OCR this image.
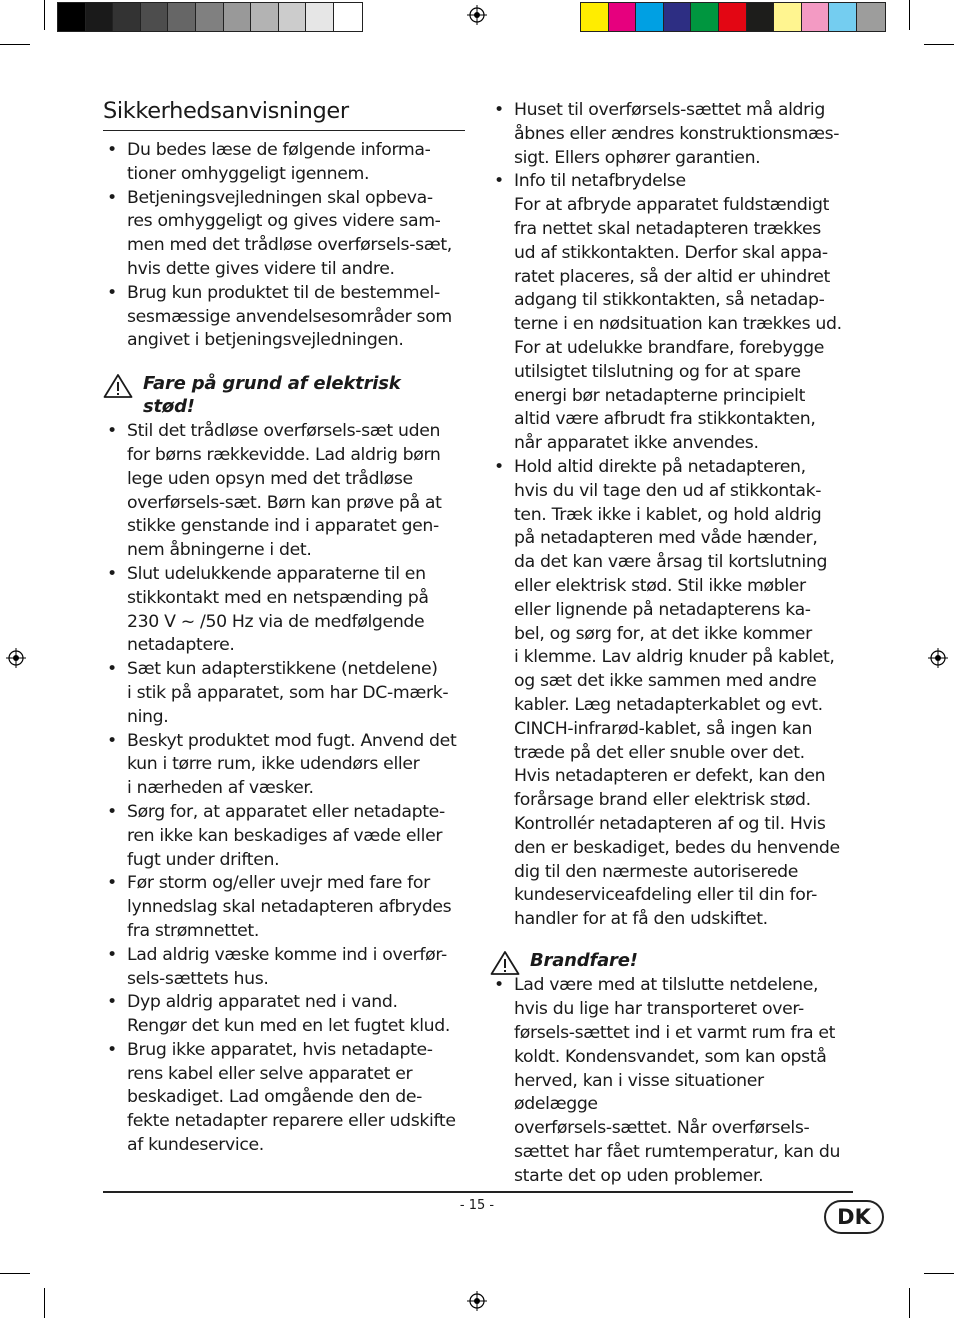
Sikkerhedsanvisninger
• Du bedes læse de følgende informa-
tioner omhyggeligt igennem.
• Betjeningsvejledningen skal opbeva-
res omhyggeligt og gives videre sam-
men med det trådløse overførsels-sæt,
hvis dette gives videre til andre.
• Brug kun produktet til de bestemmel-
sesmæssige anvendelsesområder som
angivet i betjeningsvejledningen.
Fare på grund af elektrisk
stød!
• Stil det trådløse overførsels-sæt uden
for børns rækkevidde. Lad aldrig børn
lege uden opsyn med det trådløse
overførsels-sæt. Børn kan prøve på at
stikke genstande ind i apparatet gen-
nem åbningerne i det.
• Slut udelukkende apparaterne til en
stikkontakt med en netspænding på
230 V ~ /50 Hz via de medfølgende
netadaptere.
• Sæt kun adapterstikkene (netdelene)
i stik på apparatet, som har DC-mærk-
ning.
• Beskyt produktet mod fugt. Anvend det
kun i tørre rum, ikke udendørs eller
i nærheden af væsker.
• Sørg for, at apparatet eller netadapte-
ren ikke kan beskadiges af væde eller
fugt under driften.
• Før storm og/eller uvejr med fare for
lynnedslag skal netadapteren afbrydes
fra strømnettet.
• Lad aldrig væske komme ind i overfør-
sels-sættets hus.
• Dyp aldrig apparatet ned i vand.
Rengør det kun med en let fugtet klud.
• Brug ikke apparatet, hvis netadapte-
rens kabel eller selve apparatet er
beskadiget. Lad omgående den de-
fekte netadapter reparere eller udskifte
af kundeservice.
• Huset til overførsels-sættet må aldrig
åbnes eller ændres konstruktionsmæs-
sigt. Ellers ophører garantien.
• Info til netafbrydelse
For at afbryde apparatet fuldstændigt
fra nettet skal netadapteren trækkes
ud af stikkontakten. Derfor skal appa-
ratet placeres, så der altid er uhindret
adgang til stikkontakten, så netadap-
terne i en nødsituation kan trækkes ud.
For at udelukke brandfare, forebygge
utilsigtet tilslutning og for at spare
energi bør netadapterne principielt
altid være afbrudt fra stikkontakten,
når apparatet ikke anvendes.
• Hold altid direkte på netadapteren,
hvis du vil tage den ud af stikkontak-
ten. Træk ikke i kablet, og hold aldrig
på netadapteren med våde hænder,
da det kan være årsag til kortslutning
eller elektrisk stød. Stil ikke møbler
eller lignende på netadapterens ka-
bel, og sørg for, at det ikke kommer
i klemme. Lav aldrig knuder på kablet,
og sæt det ikke sammen med andre
kabler. Læg netadapterkablet og evt.
CINCH-infrarød-kablet, så ingen kan
træde på det eller snuble over det.
Hvis netadapteren er defekt, kan den
forårsage brand eller elektrisk stød.
Kontrollér netadapteren af og til. Hvis
den er beskadiget, bedes du henvende
dig til den nærmeste autoriserede
kundeserviceafdeling eller til din for-
handler for at få den udskiftet.
Brandfare!
• Lad være med at tilslutte netdelene,
hvis du lige har transporteret over-
førsels-sættet ind i et varmt rum fra et
koldt. Kondensvandet, som kan opstå
herved, kan i visse situationer ødelægge
overførsels-sættet. Når overførsels-
sættet har fået rumtemperatur, kan du
starte det op uden problemer.
- 15 -	DK
